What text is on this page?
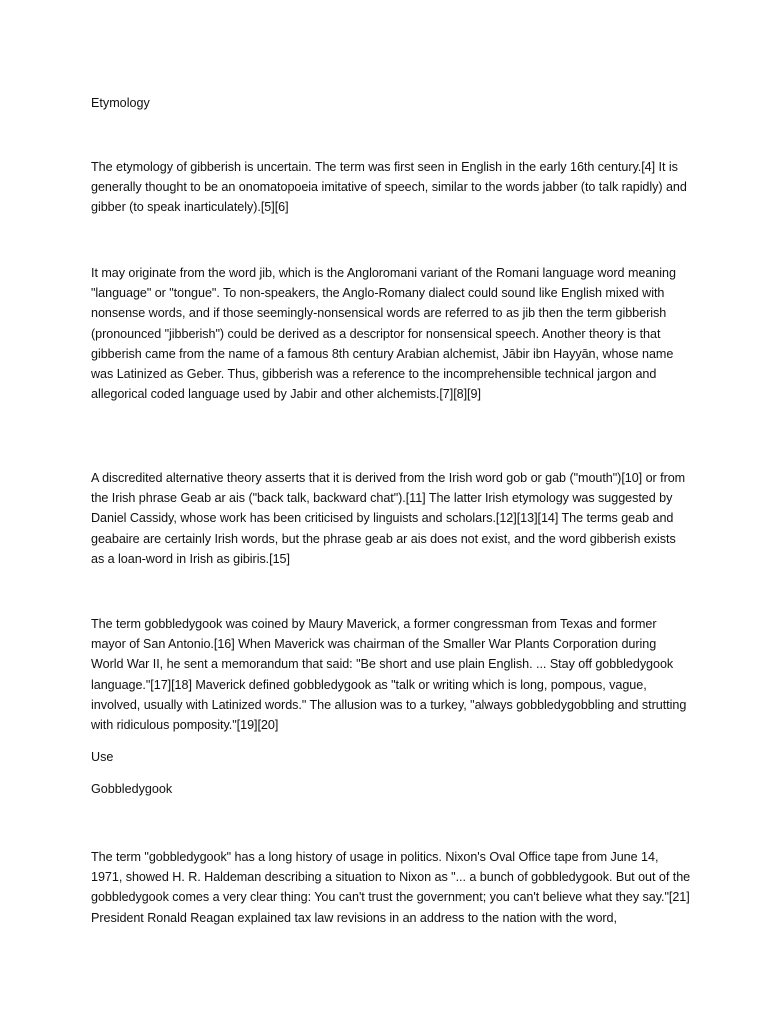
Etymology
The etymology of gibberish is uncertain. The term was first seen in English in the early 16th century.[4] It is generally thought to be an onomatopoeia imitative of speech, similar to the words jabber (to talk rapidly) and gibber (to speak inarticulately).[5][6]
It may originate from the word jib, which is the Angloromani variant of the Romani language word meaning "language" or "tongue". To non-speakers, the Anglo-Romany dialect could sound like English mixed with nonsense words, and if those seemingly-nonsensical words are referred to as jib then the term gibberish (pronounced "jibberish") could be derived as a descriptor for nonsensical speech. Another theory is that gibberish came from the name of a famous 8th century Arabian alchemist, Jābir ibn Hayyān, whose name was Latinized as Geber. Thus, gibberish was a reference to the incomprehensible technical jargon and allegorical coded language used by Jabir and other alchemists.[7][8][9]
A discredited alternative theory asserts that it is derived from the Irish word gob or gab ("mouth")[10] or from the Irish phrase Geab ar ais ("back talk, backward chat").[11] The latter Irish etymology was suggested by Daniel Cassidy, whose work has been criticised by linguists and scholars.[12][13][14] The terms geab and geabaire are certainly Irish words, but the phrase geab ar ais does not exist, and the word gibberish exists as a loan-word in Irish as gibiris.[15]
The term gobbledygook was coined by Maury Maverick, a former congressman from Texas and former mayor of San Antonio.[16] When Maverick was chairman of the Smaller War Plants Corporation during World War II, he sent a memorandum that said: "Be short and use plain English. ... Stay off gobbledygook language."[17][18] Maverick defined gobbledygook as "talk or writing which is long, pompous, vague, involved, usually with Latinized words." The allusion was to a turkey, "always gobbledygobbling and strutting with ridiculous pomposity."[19][20]
Use
Gobbledygook
The term "gobbledygook" has a long history of usage in politics. Nixon's Oval Office tape from June 14, 1971, showed H. R. Haldeman describing a situation to Nixon as "... a bunch of gobbledygook. But out of the gobbledygook comes a very clear thing: You can't trust the government; you can't believe what they say."[21] President Ronald Reagan explained tax law revisions in an address to the nation with the word,
